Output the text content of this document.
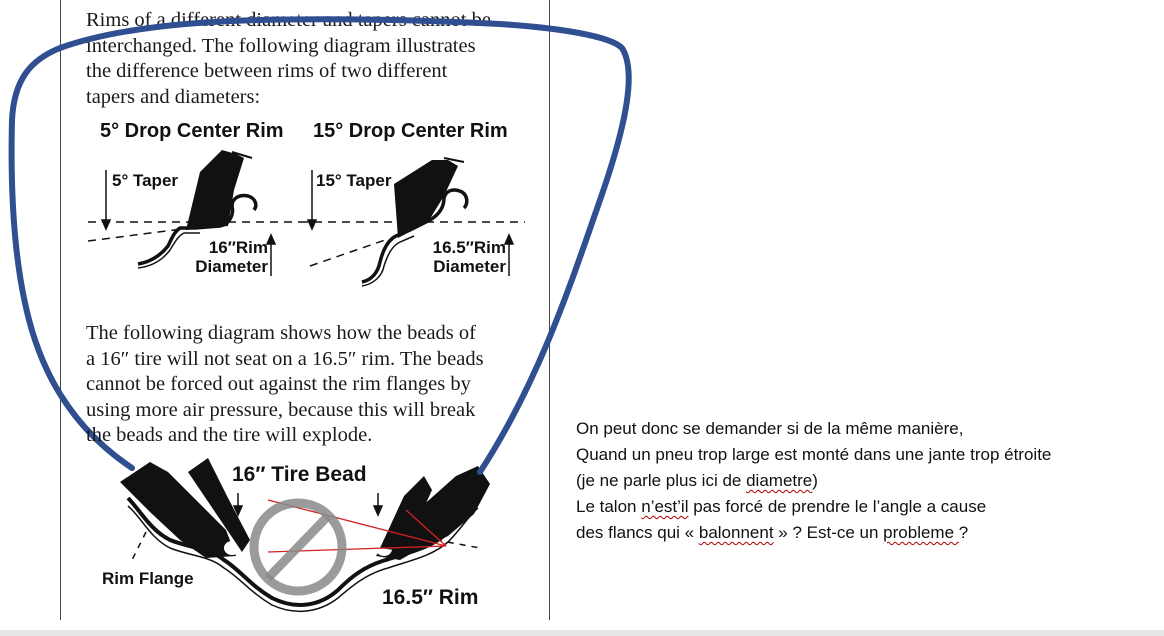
Rims of a different diameter and tapers cannot be
interchanged. The following diagram illustrates
the difference between rims of two different
tapers and diameters:
5° Drop Center Rim 15° Drop Center Rim
5° Taper	15° Taper
16″Rim
Diameter
16.5″Rim
Diameter
The following diagram shows how the beads of
a 16″ tire will not seat on a 16.5″ rim. The beads
cannot be forced out against the rim flanges by
using more air pressure, because this will break
the beads and the tire will explode.
16″ Tire Bead
Rim Flange
16.5″ Rim
On peut donc se demander si de la même manière,
Quand un pneu trop large est monté dans une jante trop étroite
(je ne parle plus ici de diametre)
Le talon n’est’il pas forcé de prendre le l’angle a cause
des flancs qui « balonnent » ? Est-ce un probleme ?
